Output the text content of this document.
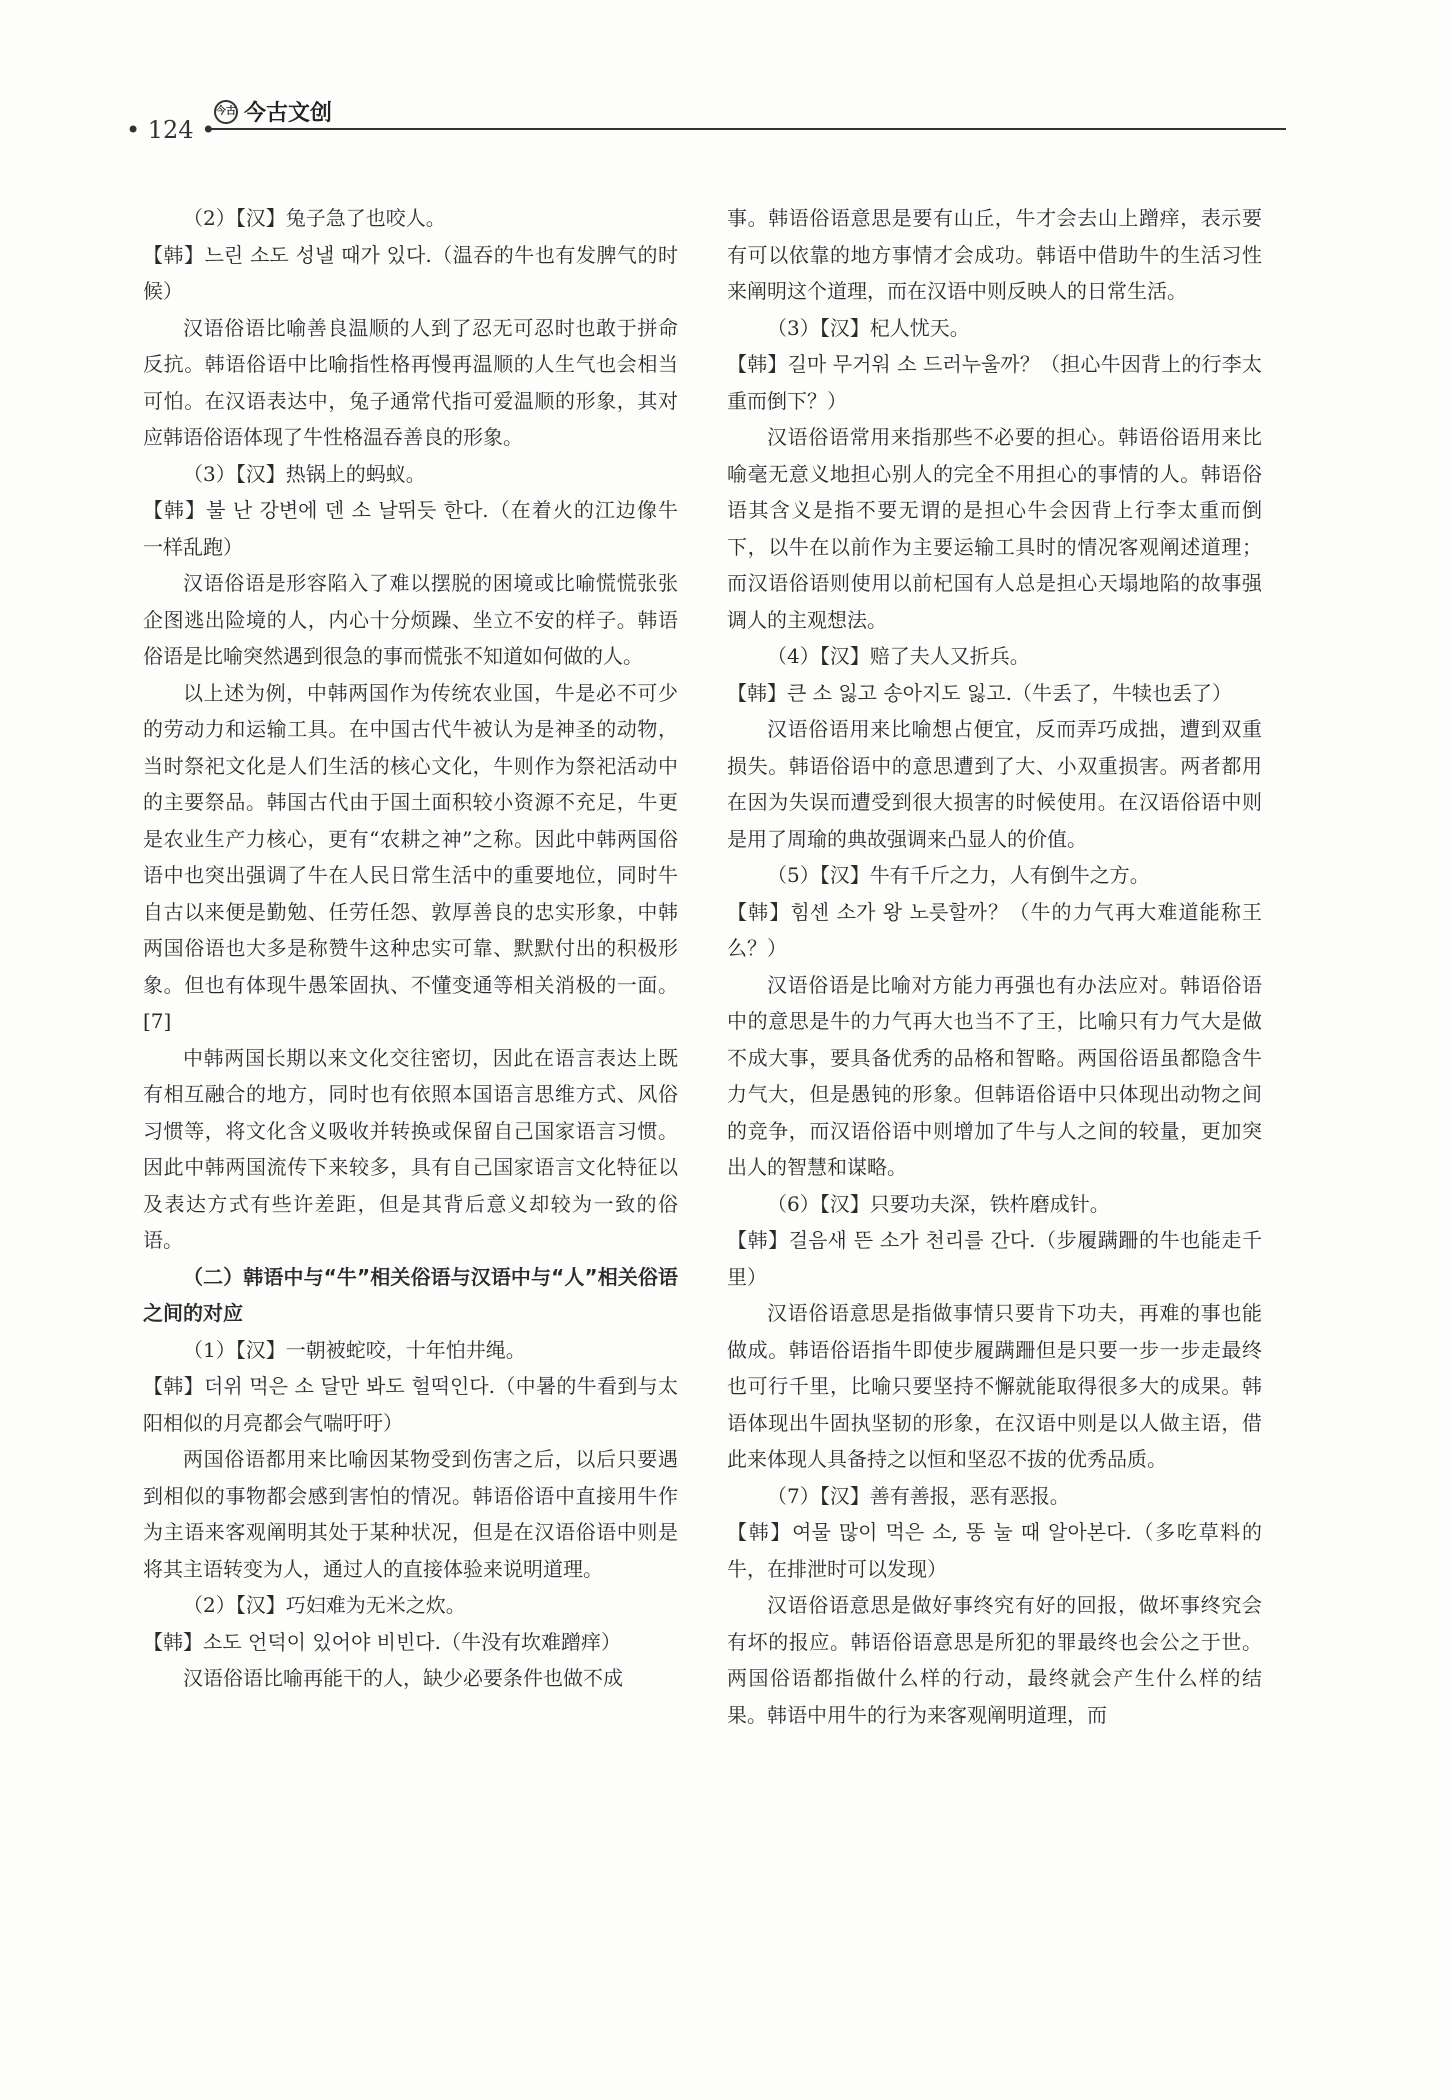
• 124 •
今古 今古文创

（2）【汉】兔子急了也咬人。

【韩】느린 소도 성낼 때가 있다.（温吞的牛也有发脾气的时候）

汉语俗语比喻善良温顺的人到了忍无可忍时也敢于拼命反抗。韩语俗语中比喻指性格再慢再温顺的人生气也会相当可怕。在汉语表达中，兔子通常代指可爱温顺的形象，其对应韩语俗语体现了牛性格温吞善良的形象。

（3）【汉】热锅上的蚂蚁。

【韩】불 난 강변에 덴 소 날뛰듯 한다.（在着火的江边像牛一样乱跑）

汉语俗语是形容陷入了难以摆脱的困境或比喻慌慌张张企图逃出险境的人，内心十分烦躁、坐立不安的样子。韩语俗语是比喻突然遇到很急的事而慌张不知道如何做的人。

以上述为例，中韩两国作为传统农业国，牛是必不可少的劳动力和运输工具。在中国古代牛被认为是神圣的动物，当时祭祀文化是人们生活的核心文化，牛则作为祭祀活动中的主要祭品。韩国古代由于国土面积较小资源不充足，牛更是农业生产力核心，更有“农耕之神”之称。因此中韩两国俗语中也突出强调了牛在人民日常生活中的重要地位，同时牛自古以来便是勤勉、任劳任怨、敦厚善良的忠实形象，中韩两国俗语也大多是称赞牛这种忠实可靠、默默付出的积极形象。但也有体现牛愚笨固执、不懂变通等相关消极的一面。[7]

中韩两国长期以来文化交往密切，因此在语言表达上既有相互融合的地方，同时也有依照本国语言思维方式、风俗习惯等，将文化含义吸收并转换或保留自己国家语言习惯。因此中韩两国流传下来较多，具有自己国家语言文化特征以及表达方式有些许差距，但是其背后意义却较为一致的俗语。

（二）韩语中与“牛”相关俗语与汉语中与“人”相关俗语之间的对应

（1）【汉】一朝被蛇咬，十年怕井绳。

【韩】더위 먹은 소 달만 봐도 헐떡인다.（中暑的牛看到与太阳相似的月亮都会气喘吁吁）

两国俗语都用来比喻因某物受到伤害之后，以后只要遇到相似的事物都会感到害怕的情况。韩语俗语中直接用牛作为主语来客观阐明其处于某种状况，但是在汉语俗语中则是将其主语转变为人，通过人的直接体验来说明道理。

（2）【汉】巧妇难为无米之炊。

【韩】소도 언덕이 있어야 비빈다.（牛没有坎难蹭痒）

汉语俗语比喻再能干的人，缺少必要条件也做不成

事。韩语俗语意思是要有山丘，牛才会去山上蹭痒，表示要有可以依靠的地方事情才会成功。韩语中借助牛的生活习性来阐明这个道理，而在汉语中则反映人的日常生活。

（3）【汉】杞人忧天。

【韩】길마 무거워 소 드러누울까？（担心牛因背上的行李太重而倒下？）

汉语俗语常用来指那些不必要的担心。韩语俗语用来比喻毫无意义地担心别人的完全不用担心的事情的人。韩语俗语其含义是指不要无谓的是担心牛会因背上行李太重而倒下，以牛在以前作为主要运输工具时的情况客观阐述道理；而汉语俗语则使用以前杞国有人总是担心天塌地陷的故事强调人的主观想法。

（4）【汉】赔了夫人又折兵。

【韩】큰 소 잃고 송아지도 잃고.（牛丢了，牛犊也丢了）

汉语俗语用来比喻想占便宜，反而弄巧成拙，遭到双重损失。韩语俗语中的意思遭到了大、小双重损害。两者都用在因为失误而遭受到很大损害的时候使用。在汉语俗语中则是用了周瑜的典故强调来凸显人的价值。

（5）【汉】牛有千斤之力，人有倒牛之方。

【韩】힘센 소가 왕 노릇할까？（牛的力气再大难道能称王么？）

汉语俗语是比喻对方能力再强也有办法应对。韩语俗语中的意思是牛的力气再大也当不了王，比喻只有力气大是做不成大事，要具备优秀的品格和智略。两国俗语虽都隐含牛力气大，但是愚钝的形象。但韩语俗语中只体现出动物之间的竞争，而汉语俗语中则增加了牛与人之间的较量，更加突出人的智慧和谋略。

（6）【汉】只要功夫深，铁杵磨成针。

【韩】걸음새 뜬 소가 천리를 간다.（步履蹒跚的牛也能走千里）

汉语俗语意思是指做事情只要肯下功夫，再难的事也能做成。韩语俗语指牛即使步履蹒跚但是只要一步一步走最终也可行千里，比喻只要坚持不懈就能取得很多大的成果。韩语体现出牛固执坚韧的形象，在汉语中则是以人做主语，借此来体现人具备持之以恒和坚忍不拔的优秀品质。

（7）【汉】善有善报，恶有恶报。

【韩】여물 많이 먹은 소, 똥 눌 때 알아본다.（多吃草料的牛，在排泄时可以发现）

汉语俗语意思是做好事终究有好的回报，做坏事终究会有坏的报应。韩语俗语意思是所犯的罪最终也会公之于世。两国俗语都指做什么样的行动，最终就会产生什么样的结果。韩语中用牛的行为来客观阐明道理，而
